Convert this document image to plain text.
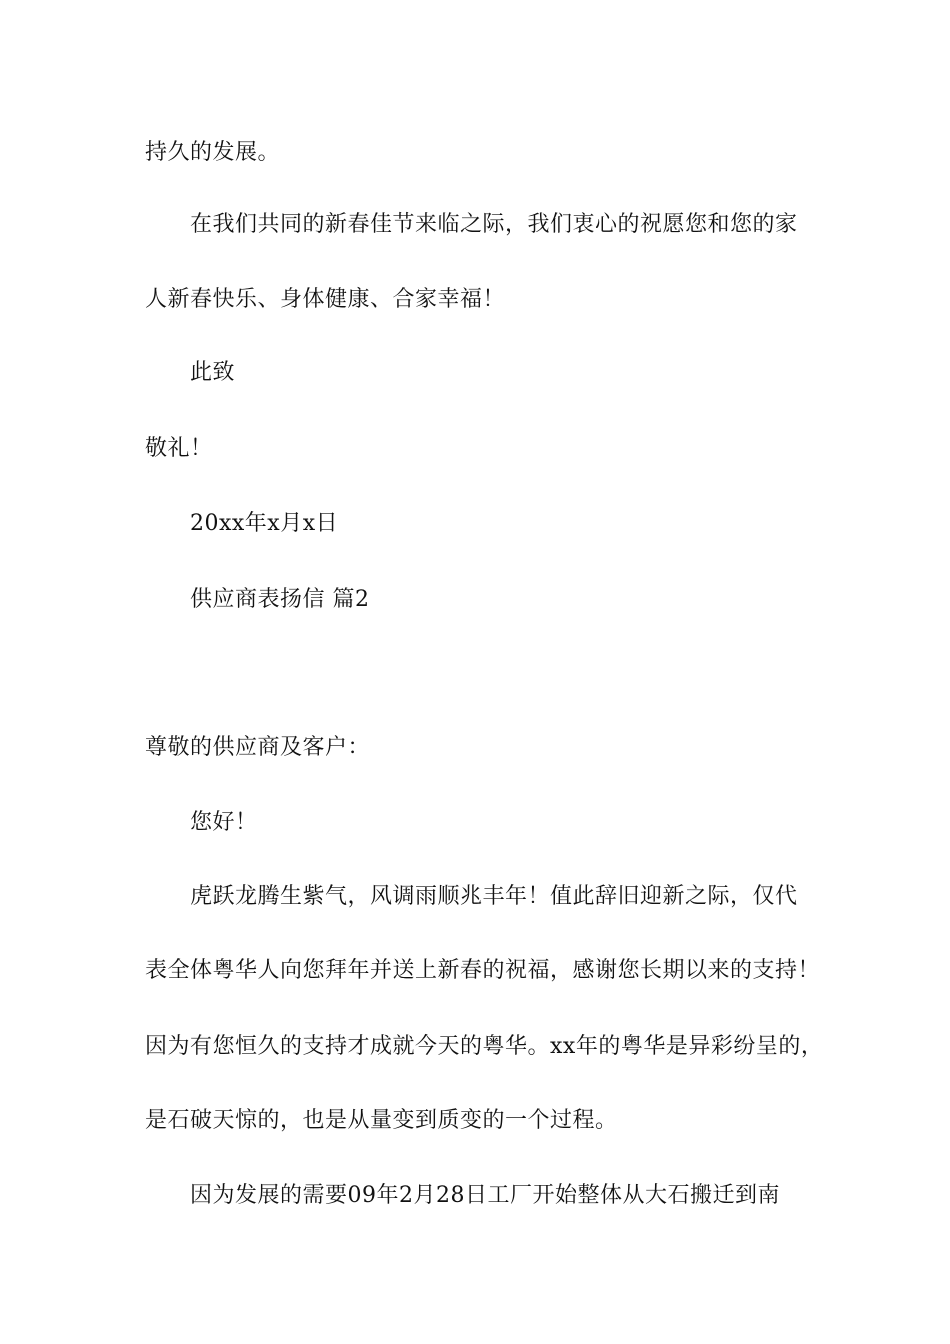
持久的发展。
在我们共同的新春佳节来临之际，我们衷心的祝愿您和您的家
人新春快乐、身体健康、合家幸福！
此致
敬礼！
20xx年x月x日
供应商表扬信 篇2
尊敬的供应商及客户：
您好！
虎跃龙腾生紫气，风调雨顺兆丰年！值此辞旧迎新之际，仅代
表全体粤华人向您拜年并送上新春的祝福，感谢您长期以来的支持！
因为有您恒久的支持才成就今天的粤华。xx年的粤华是异彩纷呈的，
是石破天惊的，也是从量变到质变的一个过程。
因为发展的需要09年2月28日工厂开始整体从大石搬迁到南
